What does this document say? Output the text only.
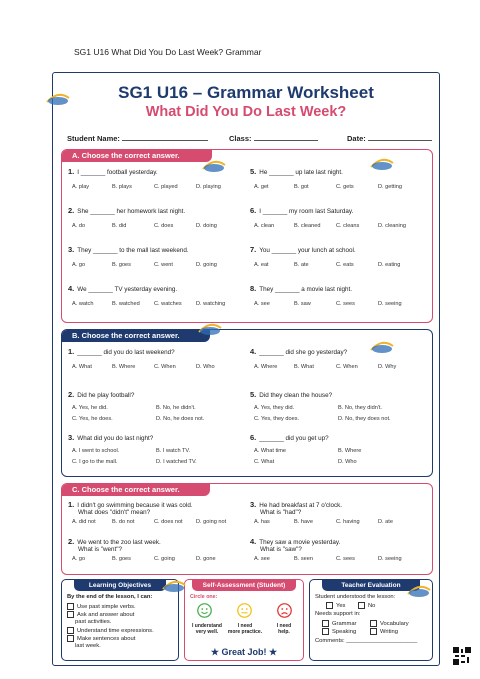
SG1 U16 What Did You Do Last Week? Grammar
SG1 U16 – Grammar Worksheet
What Did You Do Last Week?
Student Name:	Class:	Date:
A. Choose the correct answer.
1. I _______ football yesterday.
A. play	B. plays	C. played	D. playing
2. She _______ her homework last night.
A. do	B. did	C. does	D. doing
3. They _______ to the mall last weekend.
A. go	B. goes	C. went	D. going
4. We _______ TV yesterday evening.
A. watch	B. watched	C. watches	D. watching
5. He _______ up late last night.
A. get	B. got	C. gets	D. getting
6. I _______ my room last Saturday.
A. clean	B. cleaned	C. cleans	D. cleaning
7. You _______ your lunch at school.
A. eat	B. ate	C. eats	D. eating
8. They _______ a movie last night.
A. see	B. saw	C. sees	D. seeing
B. Choose the correct answer.
1. _______ did you do last weekend?
A. What	B. Where	C. When	D. Who
2. Did he play football?
A. Yes, he did.	B. No, he didn't.
C. Yes, he does.	D. No, he does not.
3. What did you do last night?
A. I went to school.	B. I watch TV.
C. I go to the mall.	D. I watched TV.
4. _______ did she go yesterday?
A. Where	B. What	C. When	D. Why
5. Did they clean the house?
A. Yes, they did.	B. No, they didn't.
C. Yes, they does.	D. No, they does not.
6. _______ did you get up?
A. What time	B. Where
C. What	D. Who
C. Choose the correct answer.
1. I didn't go swimming because it was cold.
What does "didn't" mean?
A. did not	B. do not	C. does not D. going not
2. We went to the zoo last week.
What is "went"?
A. go	B. goes	C. going	D. gone
3. He had breakfast at 7 o'clock.
What is "had"?
A. has	B. have	C. having	D. ate
4. They saw a movie yesterday.
What is "saw"?
A. see	B. seen	C. sees	D. seeing
Learning Objectives
By the end of the lesson, I can:
Use past simple verbs.
Ask and answer about
past activities.
Understand time expressions.
Make sentences about
last week.
Self-Assessment (Student)
Circle one:
I understand
very well.
I need
more practice.
I need
help.
★ Great Job! ★
Teacher Evaluation
Student understood the lesson:
Yes	No
Needs support in:
Grammar	Vocabulary
Speaking	Writing
Comments: ______________________
